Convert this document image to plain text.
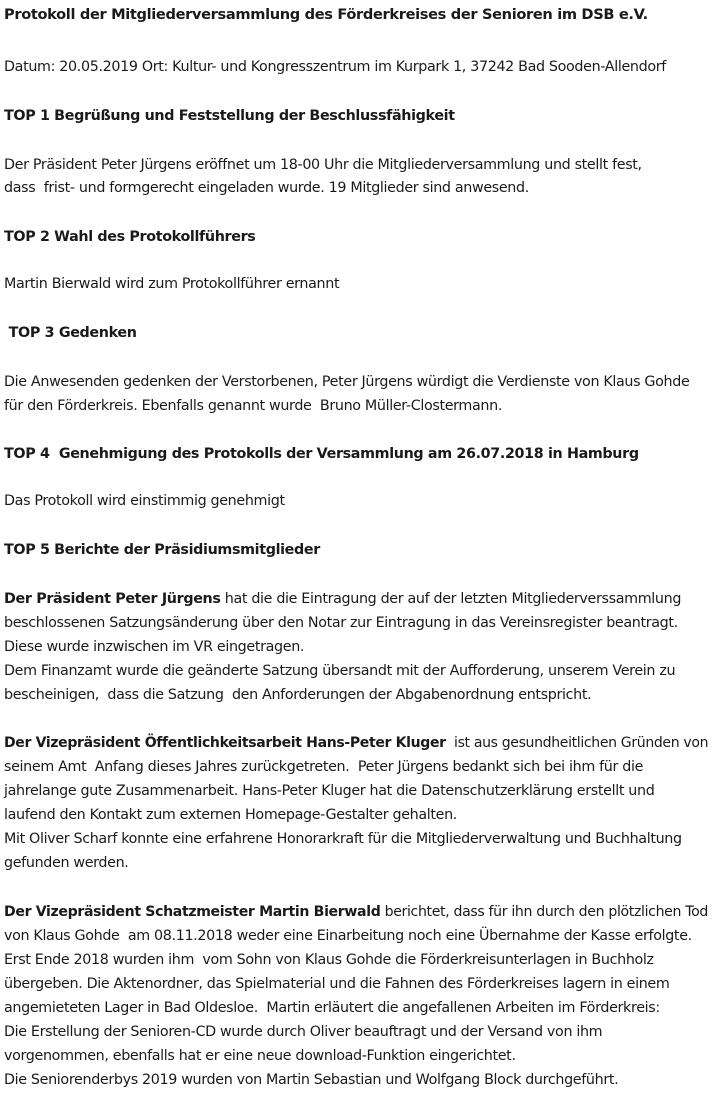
Protokoll der Mitgliederversammlung des Förderkreises der Senioren im DSB e.V.
Datum: 20.05.2019 Ort: Kultur- und Kongresszentrum im Kurpark 1, 37242 Bad Sooden-Allendorf
TOP 1 Begrüßung und Feststellung der Beschlussfähigkeit
Der Präsident Peter Jürgens eröffnet um 18-00 Uhr die Mitgliederversammlung und stellt fest,
dass  frist- und formgerecht eingeladen wurde. 19 Mitglieder sind anwesend.
TOP 2 Wahl des Protokollführers
Martin Bierwald wird zum Protokollführer ernannt
TOP 3 Gedenken
Die Anwesenden gedenken der Verstorbenen, Peter Jürgens würdigt die Verdienste von Klaus Gohde
für den Förderkreis. Ebenfalls genannt wurde  Bruno Müller-Clostermann.
TOP 4  Genehmigung des Protokolls der Versammlung am 26.07.2018 in Hamburg
Das Protokoll wird einstimmig genehmigt
TOP 5 Berichte der Präsidiumsmitglieder
Der Präsident Peter Jürgens hat die die Eintragung der auf der letzten Mitgliederverssammlung
beschlossenen Satzungsänderung über den Notar zur Eintragung in das Vereinsregister beantragt.
Diese wurde inzwischen im VR eingetragen.
Dem Finanzamt wurde die geänderte Satzung übersandt mit der Aufforderung, unserem Verein zu
bescheinigen,  dass die Satzung  den Anforderungen der Abgabenordnung entspricht.
Der Vizepräsident Öffentlichkeitsarbeit Hans-Peter Kluger  ist aus gesundheitlichen Gründen von
seinem Amt  Anfang dieses Jahres zurückgetreten.  Peter Jürgens bedankt sich bei ihm für die
jahrelange gute Zusammenarbeit. Hans-Peter Kluger hat die Datenschutzerklärung erstellt und
laufend den Kontakt zum externen Homepage-Gestalter gehalten.
Mit Oliver Scharf konnte eine erfahrene Honorarkraft für die Mitgliederverwaltung und Buchhaltung
gefunden werden.
Der Vizepräsident Schatzmeister Martin Bierwald berichtet, dass für ihn durch den plötzlichen Tod
von Klaus Gohde  am 08.11.2018 weder eine Einarbeitung noch eine Übernahme der Kasse erfolgte.
Erst Ende 2018 wurden ihm  vom Sohn von Klaus Gohde die Förderkreisunterlagen in Buchholz
übergeben. Die Aktenordner, das Spielmaterial und die Fahnen des Förderkreises lagern in einem
angemieteten Lager in Bad Oldesloe.  Martin erläutert die angefallenen Arbeiten im Förderkreis:
Die Erstellung der Senioren-CD wurde durch Oliver beauftragt und der Versand von ihm
vorgenommen, ebenfalls hat er eine neue download-Funktion eingerichtet.
Die Seniorenderbys 2019 wurden von Martin Sebastian und Wolfgang Block durchgeführt.
